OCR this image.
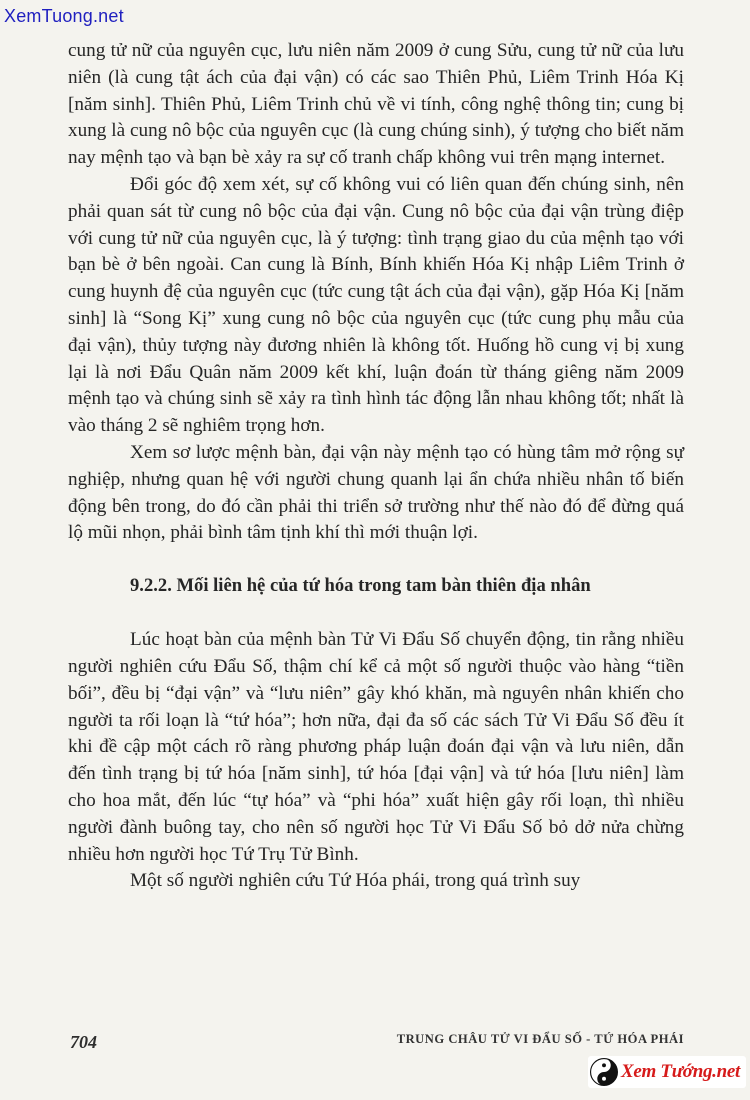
XemTuong.net

cung tử nữ của nguyên cục, lưu niên năm 2009 ở cung Sửu, cung tử nữ của lưu niên (là cung tật ách của đại vận) có các sao Thiên Phủ, Liêm Trinh Hóa Kị [năm sinh]. Thiên Phủ, Liêm Trinh chủ về vi tính, công nghệ thông tin; cung bị xung là cung nô bộc của nguyên cục (là cung chúng sinh), ý tượng cho biết năm nay mệnh tạo và bạn bè xảy ra sự cố tranh chấp không vui trên mạng internet.

Đổi góc độ xem xét, sự cố không vui có liên quan đến chúng sinh, nên phải quan sát từ cung nô bộc của đại vận. Cung nô bộc của đại vận trùng điệp với cung tử nữ của nguyên cục, là ý tượng: tình trạng giao du của mệnh tạo với bạn bè ở bên ngoài. Can cung là Bính, Bính khiến Hóa Kị nhập Liêm Trinh ở cung huynh đệ của nguyên cục (tức cung tật ách của đại vận), gặp Hóa Kị [năm sinh] là “Song Kị” xung cung nô bộc của nguyên cục (tức cung phụ mẫu của đại vận), thủy tượng này đương nhiên là không tốt. Huống hồ cung vị bị xung lại là nơi Đẩu Quân năm 2009 kết khí, luận đoán từ tháng giêng năm 2009 mệnh tạo và chúng sinh sẽ xảy ra tình hình tác động lẫn nhau không tốt; nhất là vào tháng 2 sẽ nghiêm trọng hơn.

Xem sơ lược mệnh bàn, đại vận này mệnh tạo có hùng tâm mở rộng sự nghiệp, nhưng quan hệ với người chung quanh lại ẩn chứa nhiều nhân tố biến động bên trong, do đó cần phải thi triển sở trường như thế nào đó để đừng quá lộ mũi nhọn, phải bình tâm tịnh khí thì mới thuận lợi.

9.2.2. Mối liên hệ của tứ hóa trong tam bàn thiên địa nhân

Lúc hoạt bàn của mệnh bàn Tử Vi Đẩu Số chuyển động, tin rằng nhiều người nghiên cứu Đẩu Số, thậm chí kể cả một số người thuộc vào hàng “tiền bối”, đều bị “đại vận” và “lưu niên” gây khó khăn, mà nguyên nhân khiến cho người ta rối loạn là “tứ hóa”; hơn nữa, đại đa số các sách Tử Vi Đẩu Số đều ít khi đề cập một cách rõ ràng phương pháp luận đoán đại vận và lưu niên, dẫn đến tình trạng bị tứ hóa [năm sinh], tứ hóa [đại vận] và tứ hóa [lưu niên] làm cho hoa mắt, đến lúc “tự hóa” và “phi hóa” xuất hiện gây rối loạn, thì nhiều người đành buông tay, cho nên số người học Tử Vi Đẩu Số bỏ dở nửa chừng nhiều hơn người học Tứ Trụ Tử Bình.

Một số người nghiên cứu Tứ Hóa phái, trong quá trình suy

704	TRUNG CHÂU TỬ VI ĐẨU SỐ - TỨ HÓA PHÁI
Xem Tướng.net
